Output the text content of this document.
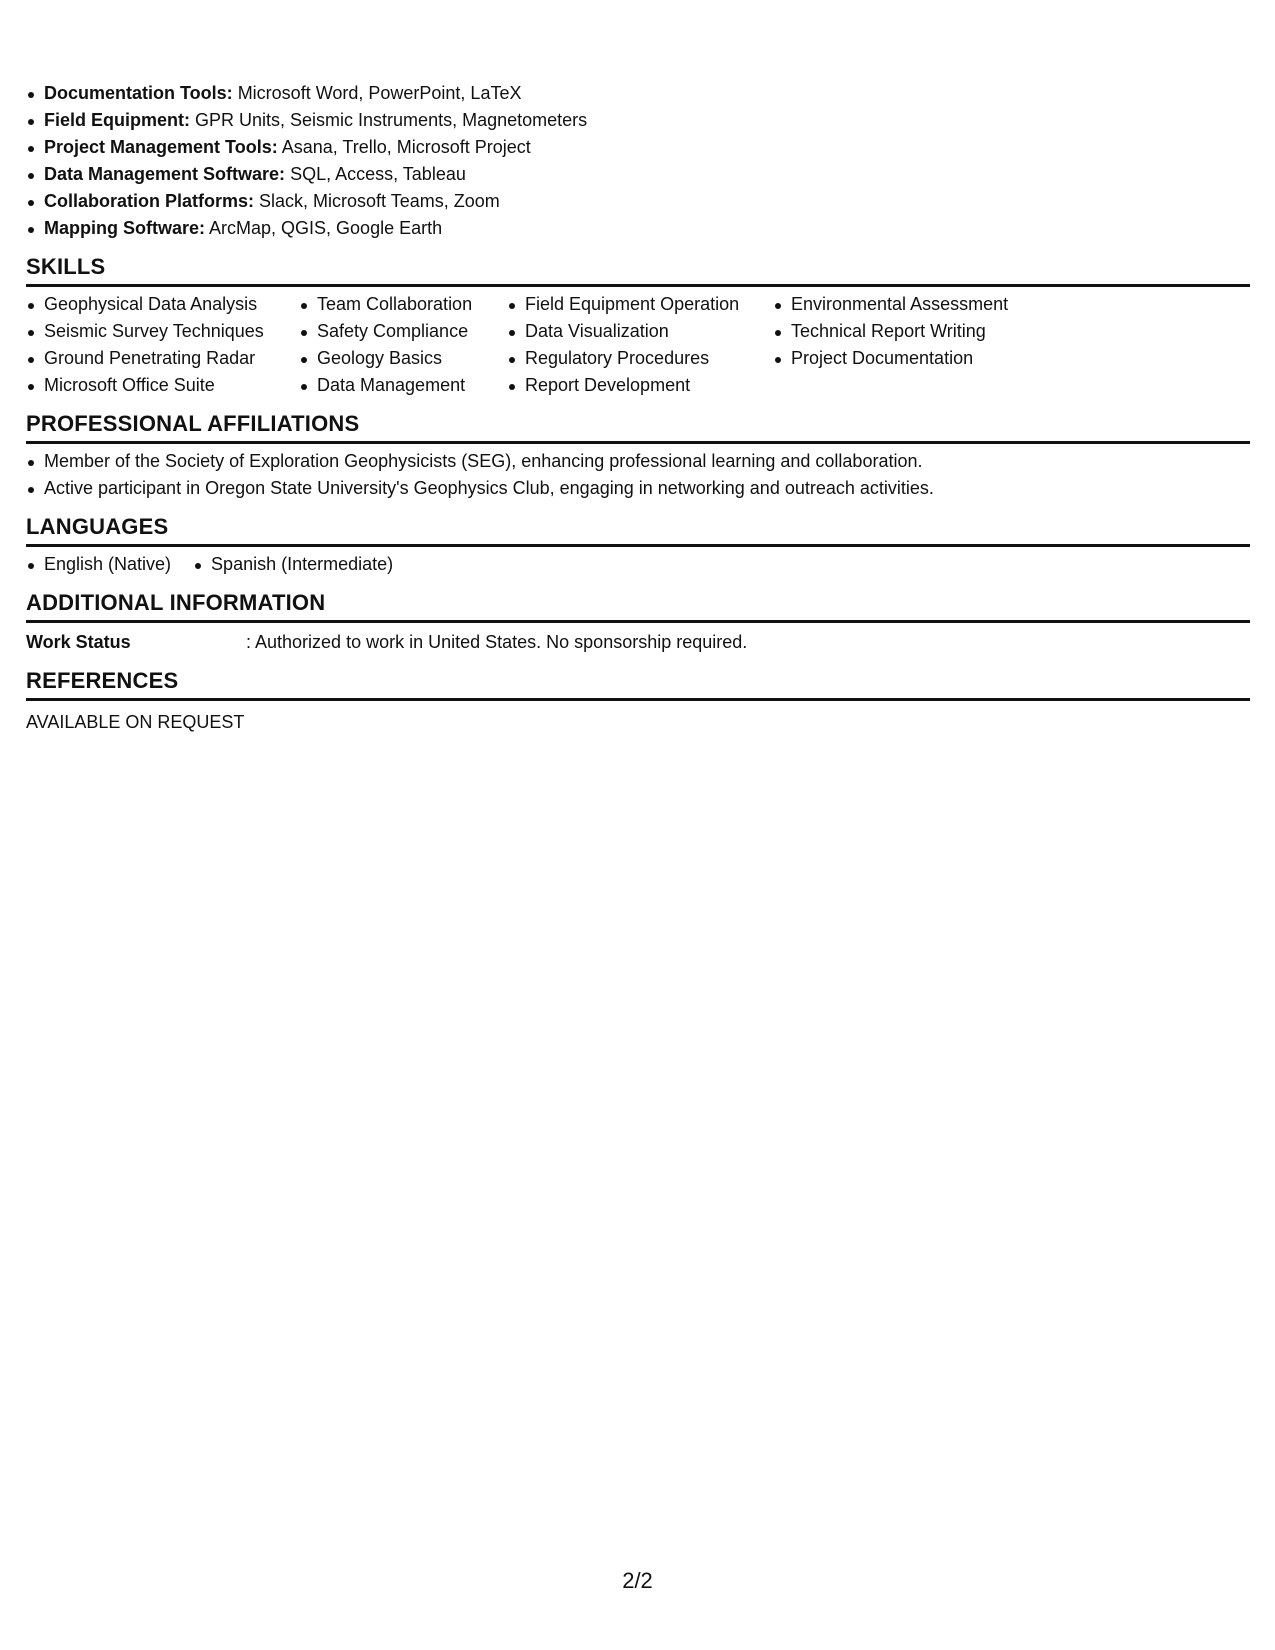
Documentation Tools: Microsoft Word, PowerPoint, LaTeX
Field Equipment: GPR Units, Seismic Instruments, Magnetometers
Project Management Tools: Asana, Trello, Microsoft Project
Data Management Software: SQL, Access, Tableau
Collaboration Platforms: Slack, Microsoft Teams, Zoom
Mapping Software: ArcMap, QGIS, Google Earth
SKILLS
Geophysical Data Analysis
Seismic Survey Techniques
Ground Penetrating Radar
Microsoft Office Suite
Team Collaboration
Safety Compliance
Geology Basics
Data Management
Field Equipment Operation
Data Visualization
Regulatory Procedures
Report Development
Environmental Assessment
Technical Report Writing
Project Documentation
PROFESSIONAL AFFILIATIONS
Member of the Society of Exploration Geophysicists (SEG), enhancing professional learning and collaboration.
Active participant in Oregon State University's Geophysics Club, engaging in networking and outreach activities.
LANGUAGES
English (Native)	Spanish (Intermediate)
ADDITIONAL INFORMATION
Work Status	: Authorized to work in United States. No sponsorship required.
REFERENCES
AVAILABLE ON REQUEST
2/2
